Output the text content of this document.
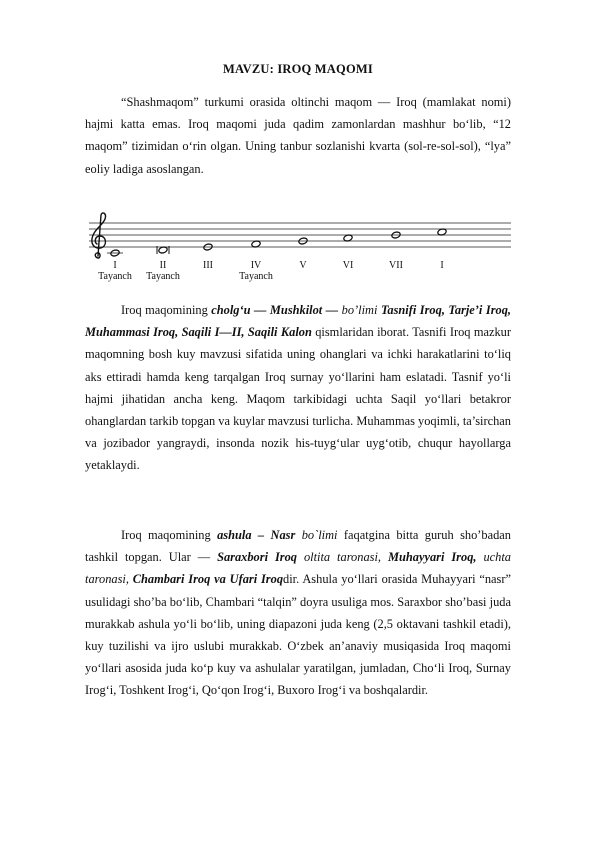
MAVZU: IROQ MAQOMI

“Shashmaqom” turkumi orasida oltinchi maqom — Iroq (mamlakat nomi) hajmi katta emas. Iroq maqomi juda qadim zamonlardan mashhur bo‘lib, “12 maqom” tizimidan o‘rin olgan. Uning tanbur sozlanishi kvarta (sol-re-sol-sol), “lya” eoliy ladiga asoslangan.

I
Tayanch
II
Tayanch
III	IV
Tayanch
V	VI	VII	I

Iroq maqomining cholg‘u — Mushkilot — bo’limi Tasnifi Iroq, Tarje’i Iroq, Muhammasi Iroq, Saqili I—II, Saqili Kalon qismlaridan iborat. Tasnifi Iroq mazkur maqomning bosh kuy mavzusi sifatida uning ohanglari va ichki harakatlarini to‘liq aks ettiradi hamda keng tarqalgan Iroq surnay yo‘llarini ham eslatadi. Tasnif yo‘li hajmi jihatidan ancha keng. Maqom tarkibidagi uchta Saqil yo‘llari betakror ohanglardan tarkib topgan va kuylar mavzusi turlicha. Muhammas yoqimli, ta’sirchan va jozibador yangraydi, insonda nozik his-tuyg‘ular uyg‘otib, chuqur hayollarga yetaklaydi.

Iroq maqomining ashula – Nasr bo`limi faqatgina bitta guruh sho’badan tashkil topgan. Ular — Saraxbori Iroq oltita taronasi, Muhayyari Iroq, uchta taronasi, Chambari Iroq va Ufari Iroqdir. Ashula yo‘llari orasida Muhayyari “nasr” usulidagi sho’ba bo‘lib, Chambari “talqin” doyra usuliga mos. Saraxbor sho’basi juda murakkab ashula yo‘li bo‘lib, uning diapazoni juda keng (2,5 oktavani tashkil etadi), kuy tuzilishi va ijro uslubi murakkab. O‘zbek an’anaviy musiqasida Iroq maqomi yo‘llari asosida juda ko‘p kuy va ashulalar yaratilgan, jumladan, Cho‘li Iroq, Surnay Irog‘i, Toshkent Irog‘i, Qo‘qon Irog‘i, Buxoro Irog‘i va boshqalardir.
